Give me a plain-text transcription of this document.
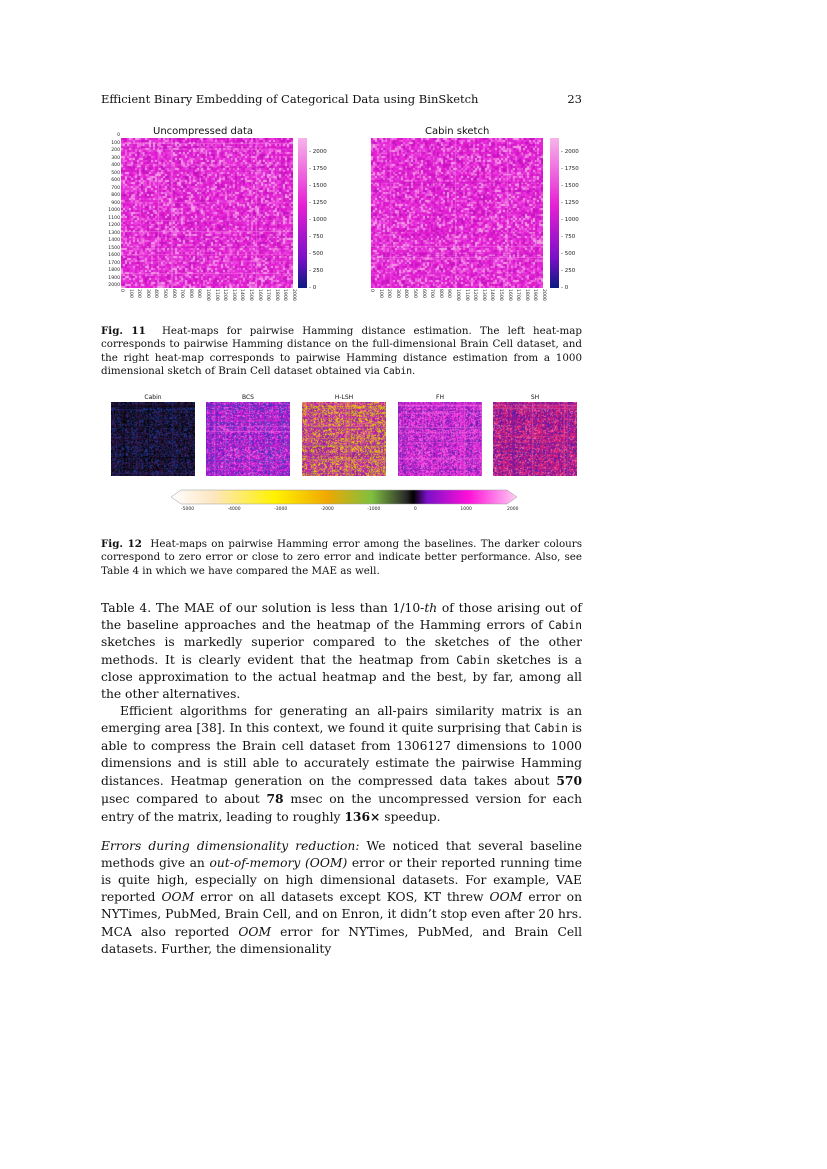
Efficient Binary Embedding of Categorical Data using BinSketch	23
Uncompressed data	Cabin sketch
0
100
200
300
400
500
600
700
800
900
1000
1100
1200
1300
1400
1500
1600
1700
1800
1900
2000
0 100 200 300 400 500 600 700 800 900 1000 1100 1200 1300 1400 1500 1600 1700 1800 1900 2000
- 2000
- 1750
- 1500
- 1250
- 1000
- 750
- 500
- 250
- 0	0 100 200 300 400 500 600 700 800 900 1000 1100 1200 1300 1400 1500 1600 1700 1800 1900 2000
- 2000
- 1750
- 1500
- 1250
- 1000
- 750
- 500
- 250
- 0
Fig. 11 Heat-maps for pairwise Hamming distance estimation. The left heat-map corresponds to pairwise Hamming distance on the full-dimensional Brain Cell dataset, and the right heat-map corresponds to pairwise Hamming distance estimation from a 1000 dimensional sketch of Brain Cell dataset obtained via Cabin.
Cabin	BCS	H-LSH	FH	SH
-5000	-4000	-3000	-2000	-1000	0	1000	2000
Fig. 12 Heat-maps on pairwise Hamming error among the baselines. The darker colours correspond to zero error or close to zero error and indicate better performance. Also, see Table 4 in which we have compared the MAE as well.

Table 4. The MAE of our solution is less than 1/10-th of those arising out of the baseline approaches and the heatmap of the Hamming errors of Cabin sketches is markedly superior compared to the sketches of the other methods. It is clearly evident that the heatmap from Cabin sketches is a close approximation to the actual heatmap and the best, by far, among all the other alternatives.

Efficient algorithms for generating an all-pairs similarity matrix is an emerging area [38]. In this context, we found it quite surprising that Cabin is able to compress the Brain cell dataset from 1306127 dimensions to 1000 dimensions and is still able to accurately estimate the pairwise Hamming distances. Heatmap generation on the compressed data takes about 570 μsec compared to about 78 msec on the uncompressed version for each entry of the matrix, leading to roughly 136× speedup.

Errors during dimensionality reduction: We noticed that several baseline methods give an out-of-memory (OOM) error or their reported running time is quite high, especially on high dimensional datasets. For example, VAE reported OOM error on all datasets except KOS, KT threw OOM error on NYTimes, PubMed, Brain Cell, and on Enron, it didn’t stop even after 20 hrs. MCA also reported OOM error for NYTimes, PubMed, and Brain Cell datasets. Further, the dimensionality
